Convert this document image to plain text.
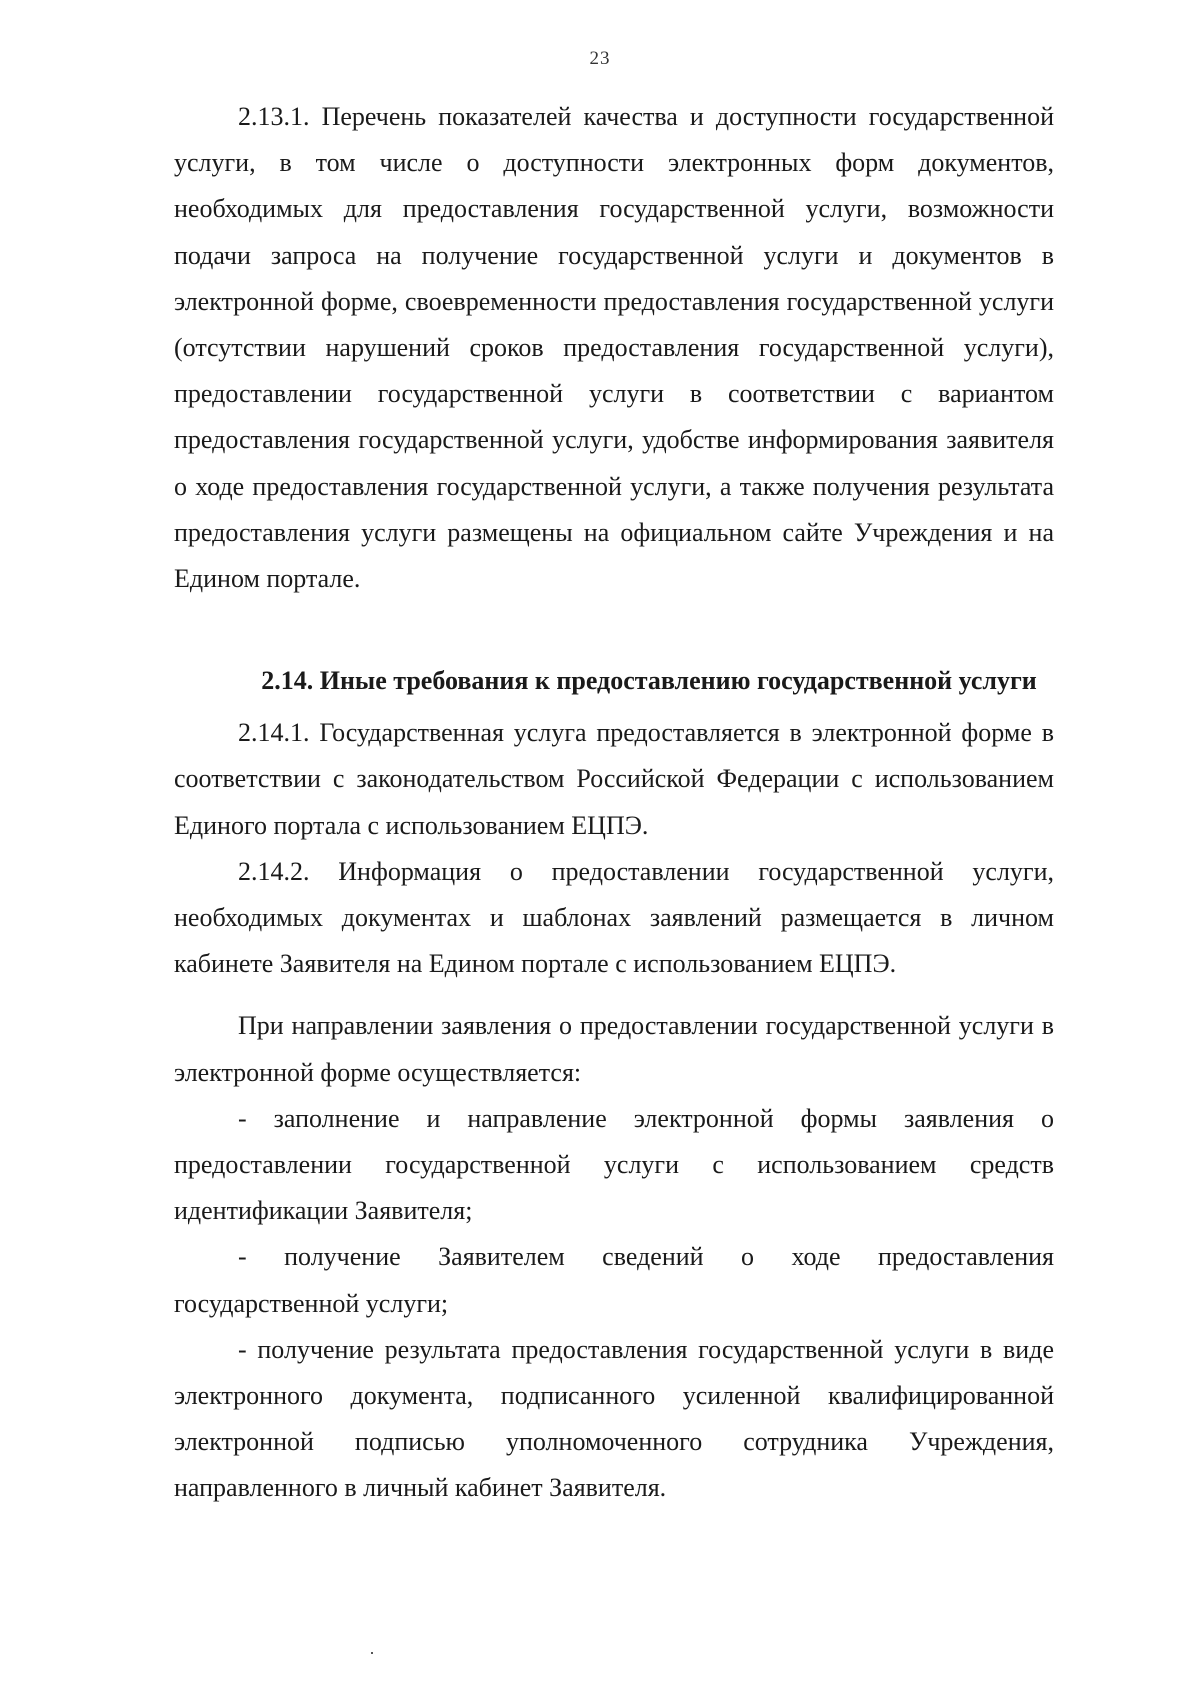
23

2.13.1. Перечень показателей качества и доступности государственной услуги, в том числе о доступности электронных форм документов, необходимых для предоставления государственной услуги, возможности подачи запроса на получение государственной услуги и документов в электронной форме, своевременности предоставления государственной услуги (отсутствии нарушений сроков предоставления государственной услуги), предоставлении государственной услуги в соответствии с вариантом предоставления государственной услуги, удобстве информирования заявителя о ходе предоставления государственной услуги, а также получения результата предоставления услуги размещены на официальном сайте Учреждения и на Едином портале.

2.14. Иные требования к предоставлению государственной услуги

2.14.1. Государственная услуга предоставляется в электронной форме в соответствии с законодательством Российской Федерации с использованием Единого портала с использованием ЕЦПЭ.

2.14.2. Информация о предоставлении государственной услуги, необходимых документах и шаблонах заявлений размещается в личном кабинете Заявителя на Едином портале с использованием ЕЦПЭ.

При направлении заявления о предоставлении государственной услуги в электронной форме осуществляется:

- заполнение и направление электронной формы заявления о предоставлении государственной услуги с использованием средств идентификации Заявителя;

- получение Заявителем сведений о ходе предоставления государственной услуги;

- получение результата предоставления государственной услуги в виде электронного документа, подписанного усиленной квалифицированной электронной подписью уполномоченного сотрудника Учреждения, направленного в личный кабинет Заявителя.
